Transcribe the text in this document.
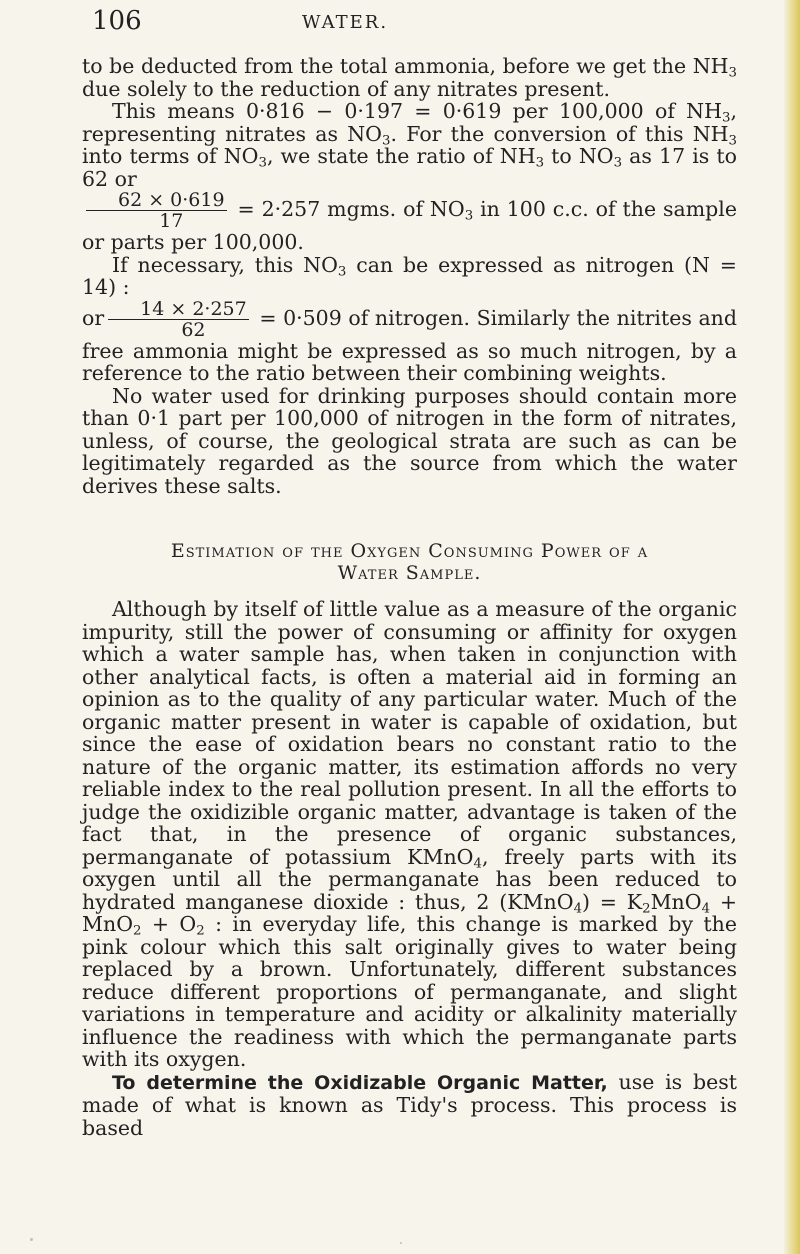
106	WATER.

to be deducted from the total ammonia, before we get the $NH_3$ due solely to the reduction of any nitrates present.

This means 0·816 − 0·197 = 0·619 per 100,000 of $NH_3$, representing nitrates as $NO_3$. For the conversion of this $NH_3$ into terms of $NO_3$, we state the ratio of $NH_3$ to $NO_3$ as 17 is to 62 or

$\frac{62 \times 0\cdot 619}{17} = 2\cdot 257$ mgms. of $NO_3$ in 100 c.c. of the sample or parts per 100,000.

If necessary, this $NO_3$ can be expressed as nitrogen (N = 14) :
or $\frac{14 \times 2\cdot 257}{62} = 0\cdot 509$ of nitrogen. Similarly the nitrites and free ammonia might be expressed as so much nitrogen, by a reference to the ratio between their combining weights.

No water used for drinking purposes should contain more than 0·1 part per 100,000 of nitrogen in the form of nitrates, unless, of course, the geological strata are such as can be legitimately regarded as the source from which the water derives these salts.

Estimation of the Oxygen Consuming Power of a
Water Sample.

Although by itself of little value as a measure of the organic impurity, still the power of consuming or affinity for oxygen which a water sample has, when taken in conjunction with other analytical facts, is often a material aid in forming an opinion as to the quality of any particular water. Much of the organic matter present in water is capable of oxidation, but since the ease of oxidation bears no constant ratio to the nature of the organic matter, its estimation affords no very reliable index to the real pollution present. In all the efforts to judge the oxidizible organic matter, advantage is taken of the fact that, in the presence of organic substances, permanganate of potassium KMnO$_4$, freely parts with its oxygen until all the permanganate has been reduced to hydrated manganese dioxide : thus, 2 (KMnO$_4$) = $K_2MnO_4 + MnO_2 + O_2$ : in everyday life, this change is marked by the pink colour which this salt originally gives to water being replaced by a brown. Unfortunately, different substances reduce different proportions of permanganate, and slight variations in temperature and acidity or alkalinity materially influence the readiness with which the permanganate parts with its oxygen.

To determine the Oxidizable Organic Matter, use is best made of what is known as Tidy's process. This process is based
